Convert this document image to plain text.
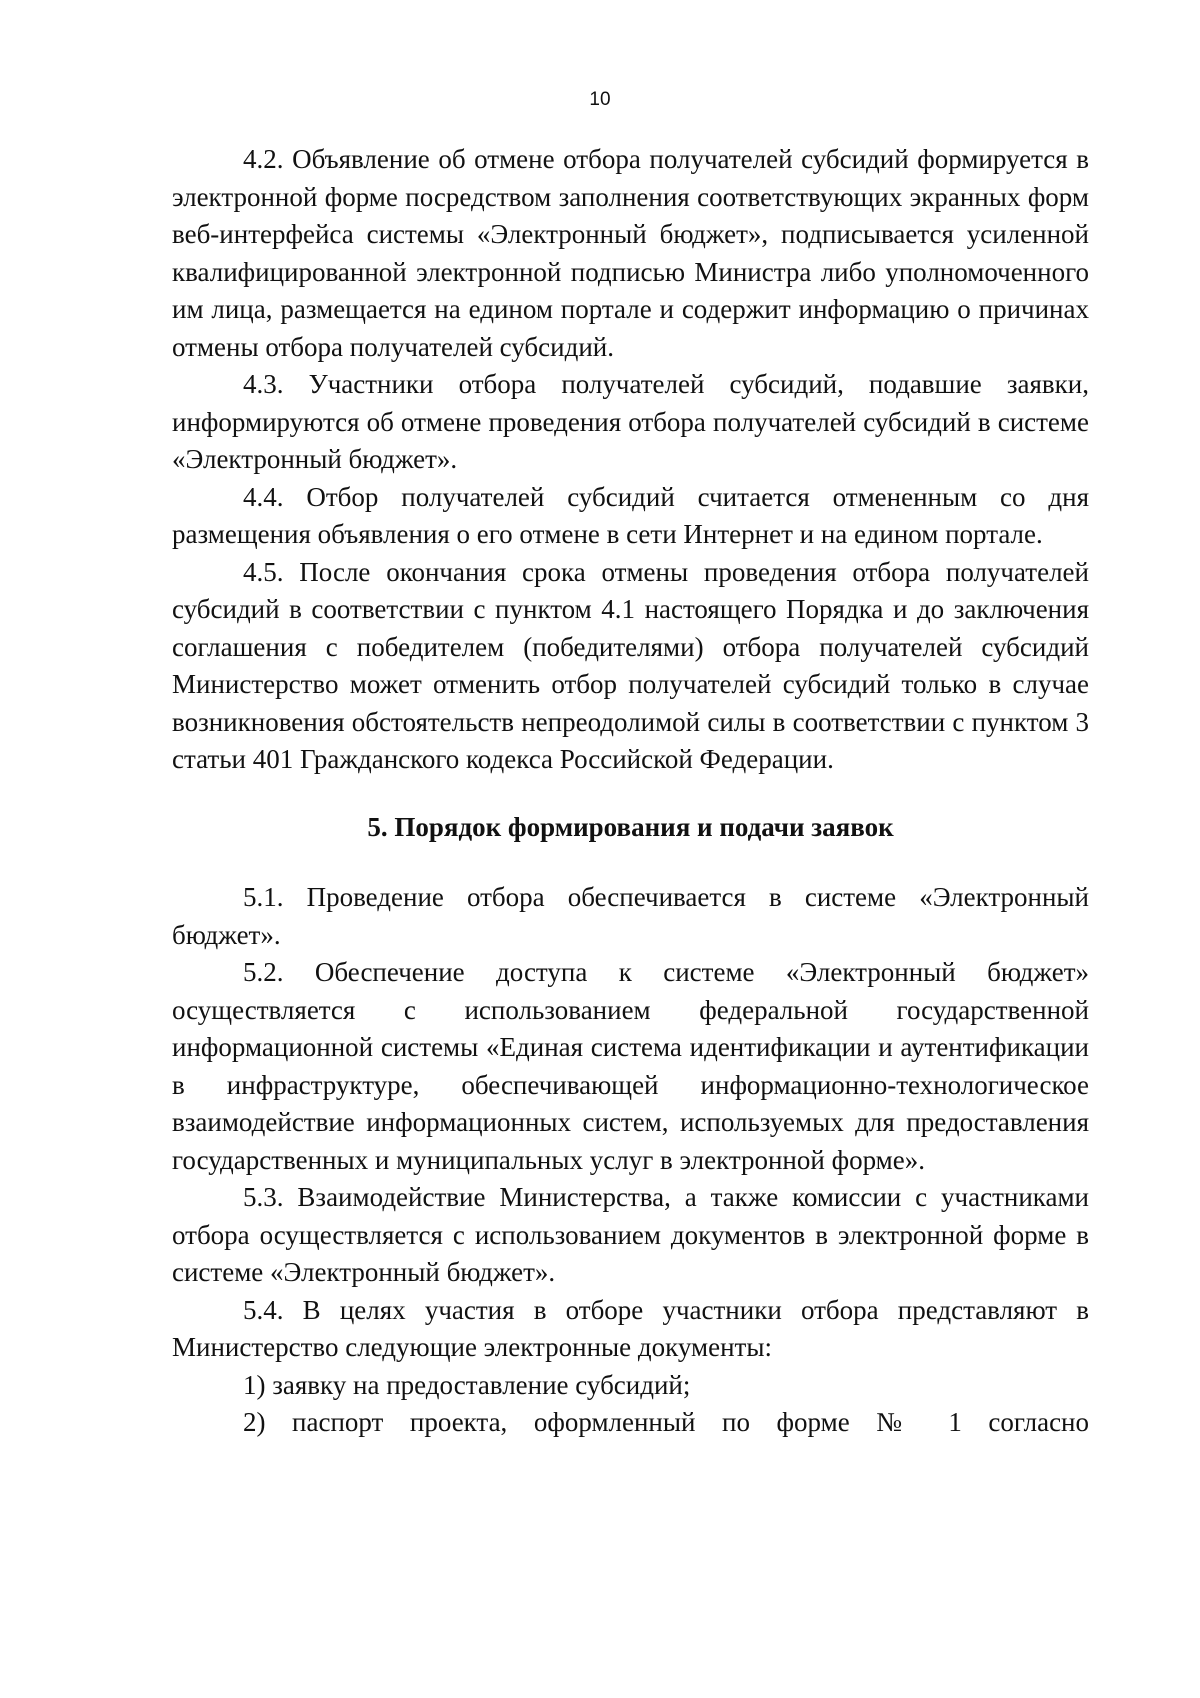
10

4.2. Объявление об отмене отбора получателей субсидий формируется в электронной форме посредством заполнения соответствующих экранных форм веб-интерфейса системы «Электронный бюджет», подписывается усиленной квалифицированной электронной подписью Министра либо уполномоченного им лица, размещается на едином портале и содержит информацию о причинах отмены отбора получателей субсидий.

4.3. Участники отбора получателей субсидий, подавшие заявки, информируются об отмене проведения отбора получателей субсидий в системе «Электронный бюджет».

4.4. Отбор получателей субсидий считается отмененным со дня размещения объявления о его отмене в сети Интернет и на едином портале.

4.5. После окончания срока отмены проведения отбора получателей субсидий в соответствии с пунктом 4.1 настоящего Порядка и до заключения соглашения с победителем (победителями) отбора получателей субсидий Министерство может отменить отбор получателей субсидий только в случае возникновения обстоятельств непреодолимой силы в соответствии с пунктом 3 статьи 401 Гражданского кодекса Российской Федерации.

5. Порядок формирования и подачи заявок

5.1. Проведение отбора обеспечивается в системе «Электронный бюджет».

5.2. Обеспечение доступа к системе «Электронный бюджет» осуществляется с использованием федеральной государственной информационной системы «Единая система идентификации и аутентификации в инфраструктуре, обеспечивающей информационно-технологическое взаимодействие информационных систем, используемых для предоставления государственных и муниципальных услуг в электронной форме».

5.3. Взаимодействие Министерства, а также комиссии с участниками отбора осуществляется с использованием документов в электронной форме в системе «Электронный бюджет».

5.4. В целях участия в отборе участники отбора представляют в Министерство следующие электронные документы:

1) заявку на предоставление субсидий;

2) паспорт проекта, оформленный по форме № 1 согласно
